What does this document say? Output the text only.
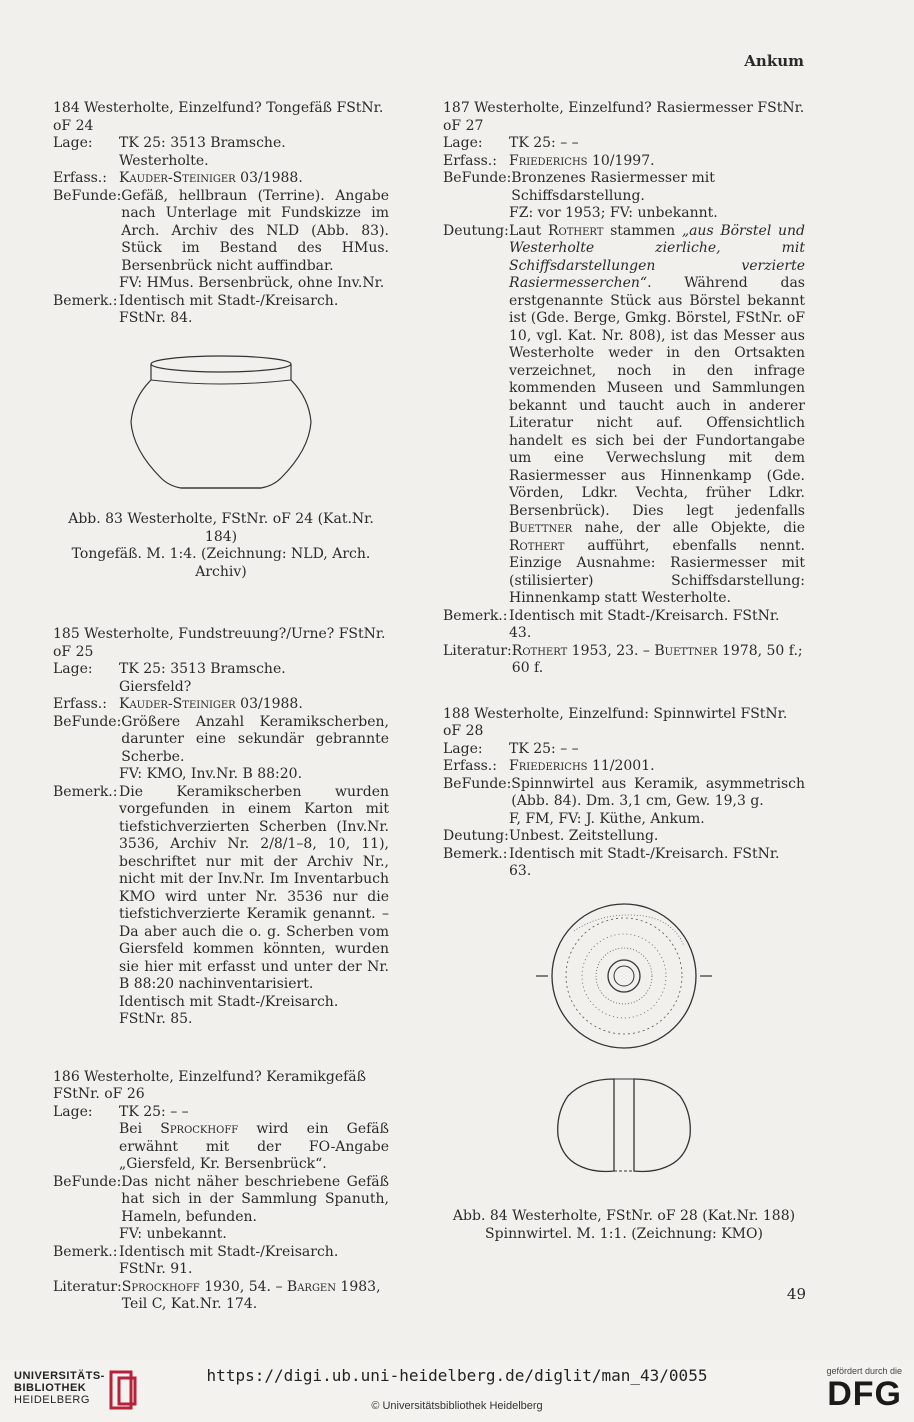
Ankum

184 Westerholte, Einzelfund? Tongefäß FStNr. oF 24

Lage:	TK 25: 3513 Bramsche.
Westerholte.
Erfass.: Kauder-Steiniger 03/1988.
BeFunde: Gefäß, hellbraun (Terrine). Angabe nach Unterlage mit Fundskizze im Arch. Archiv des NLD (Abb. 83). Stück im Bestand des HMus. Bersenbrück nicht auffindbar.
FV: HMus. Bersenbrück, ohne Inv.Nr.
Bemerk.: Identisch mit Stadt-/Kreisarch. FStNr. 84.
Abb. 83 Westerholte, FStNr. oF 24 (Kat.Nr. 184)
Tongefäß. M. 1:4. (Zeichnung: NLD, Arch. Archiv)

185 Westerholte, Fundstreuung?/Urne? FStNr. oF 25

Lage:	TK 25: 3513 Bramsche.
Giersfeld?
Erfass.: Kauder-Steiniger 03/1988.
BeFunde: Größere Anzahl Keramikscherben, darunter eine sekundär gebrannte Scherbe.
FV: KMO, Inv.Nr. B 88:20.
Bemerk.: Die Keramikscherben wurden vorgefunden in einem Karton mit tiefstichverzierten Scherben (Inv.Nr. 3536, Archiv Nr. 2/8/1–8, 10, 11), beschriftet nur mit der Archiv Nr., nicht mit der Inv.Nr. Im Inventarbuch KMO wird unter Nr. 3536 nur die tiefstichverzierte Keramik genannt. – Da aber auch die o. g. Scherben vom Giersfeld kommen könnten, wurden sie hier mit erfasst und unter der Nr. B 88:20 nachinventarisiert.
Identisch mit Stadt-/Kreisarch. FStNr. 85.

186 Westerholte, Einzelfund? Keramikgefäß FStNr. oF 26

Lage:	TK 25: – –
Bei Sprockhoff wird ein Gefäß erwähnt mit der FO-Angabe „Giersfeld, Kr. Bersenbrück“.
BeFunde: Das nicht näher beschriebene Gefäß hat sich in der Sammlung Spanuth, Hameln, befunden.
FV: unbekannt.
Bemerk.: Identisch mit Stadt-/Kreisarch. FStNr. 91.
Literatur: Sprockhoff 1930, 54. – Bargen 1983, Teil C, Kat.Nr. 174.

187 Westerholte, Einzelfund? Rasiermesser FStNr. oF 27

Lage:	TK 25: – –
Erfass.: Friederichs 10/1997.
BeFunde: Bronzenes Rasiermesser mit Schiffsdarstellung.
FZ: vor 1953; FV: unbekannt.
Deutung: Laut Rothert stammen „aus Börstel und Westerholte zierliche, mit Schiffsdarstellungen verzierte Rasiermesserchen“. Während das erstgenannte Stück aus Börstel bekannt ist (Gde. Berge, Gmkg. Börstel, FStNr. oF 10, vgl. Kat. Nr. 808), ist das Messer aus Westerholte weder in den Ortsakten verzeichnet, noch in den infrage kommenden Museen und Sammlungen bekannt und taucht auch in anderer Literatur nicht auf. Offensichtlich handelt es sich bei der Fundortangabe um eine Verwechslung mit dem Rasiermesser aus Hinnenkamp (Gde. Vörden, Ldkr. Vechta, früher Ldkr. Bersenbrück). Dies legt jedenfalls Buettner nahe, der alle Objekte, die Rothert aufführt, ebenfalls nennt. Einzige Ausnahme: Rasiermesser mit (stilisierter) Schiffsdarstellung: Hinnenkamp statt Westerholte.
Bemerk.: Identisch mit Stadt-/Kreisarch. FStNr. 43.
Literatur: Rothert 1953, 23. – Buettner 1978, 50 f.; 60 f.

188 Westerholte, Einzelfund: Spinnwirtel FStNr. oF 28

Lage:	TK 25: – –
Erfass.: Friederichs 11/2001.
BeFunde: Spinnwirtel aus Keramik, asymmetrisch (Abb. 84). Dm. 3,1 cm, Gew. 19,3 g.
F, FM, FV: J. Küthe, Ankum.
Deutung: Unbest. Zeitstellung.
Bemerk.: Identisch mit Stadt-/Kreisarch. FStNr. 63.
Abb. 84 Westerholte, FStNr. oF 28 (Kat.Nr. 188)
Spinnwirtel. M. 1:1. (Zeichnung: KMO)
49
UNIVERSITÄTS-
BIBLIOTHEK
HEIDELBERG
https://digi.ub.uni-heidelberg.de/diglit/man_43/0055
© Universitätsbibliothek Heidelberg
gefördert durch die
DFG
